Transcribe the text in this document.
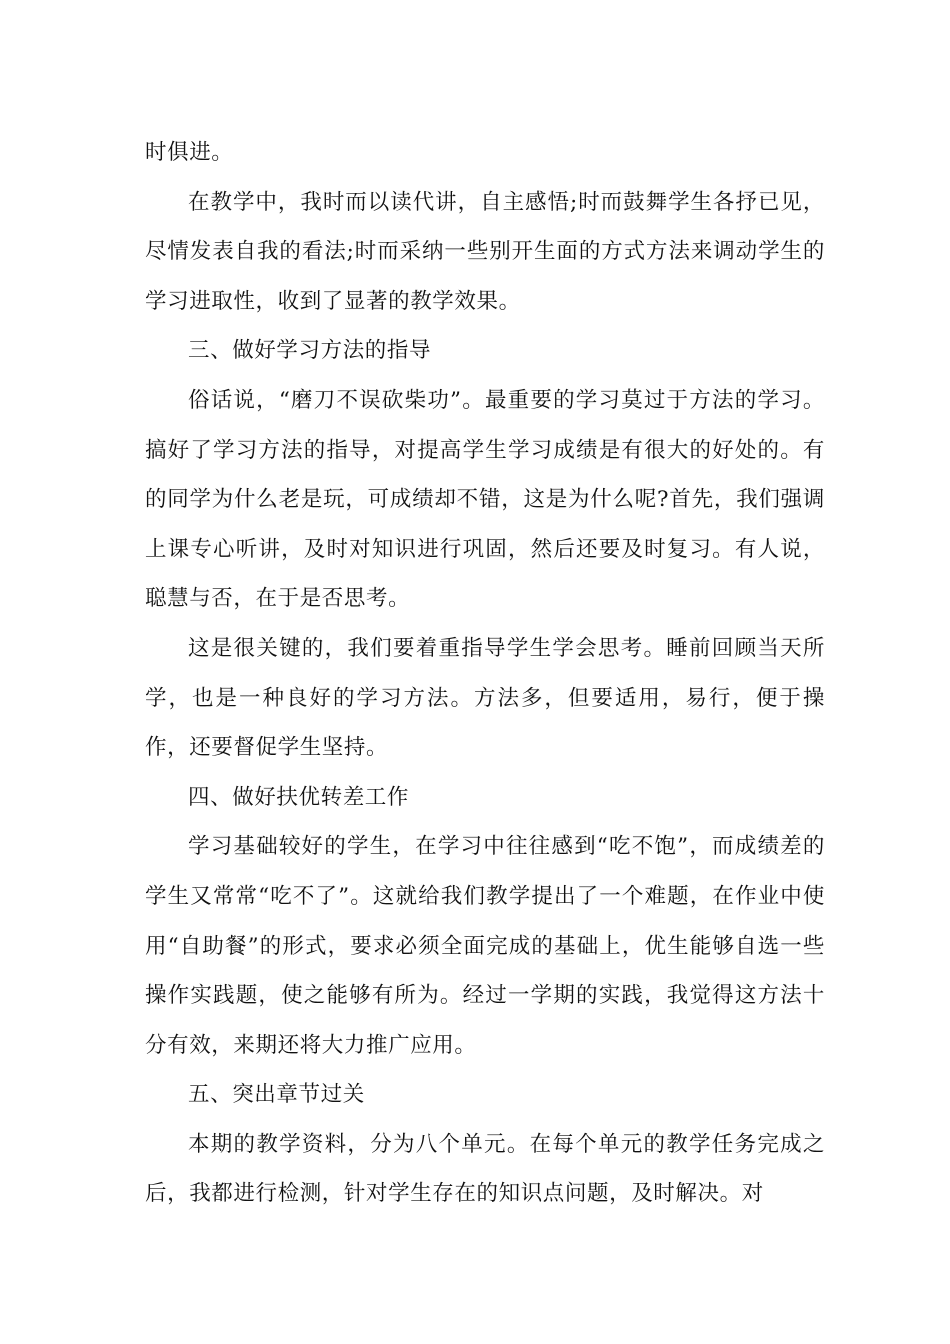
时俱进。

在教学中，我时而以读代讲，自主感悟;时而鼓舞学生各抒已见，尽情发表自我的看法;时而采纳一些别开生面的方式方法来调动学生的学习进取性，收到了显著的教学效果。

三、做好学习方法的指导

俗话说，“磨刀不误砍柴功”。最重要的学习莫过于方法的学习。搞好了学习方法的指导，对提高学生学习成绩是有很大的好处的。有的同学为什么老是玩，可成绩却不错，这是为什么呢?首先，我们强调上课专心听讲，及时对知识进行巩固，然后还要及时复习。有人说，聪慧与否，在于是否思考。

这是很关键的，我们要着重指导学生学会思考。睡前回顾当天所学，也是一种良好的学习方法。方法多，但要适用，易行，便于操作，还要督促学生坚持。

四、做好扶优转差工作

学习基础较好的学生，在学习中往往感到“吃不饱”，而成绩差的学生又常常“吃不了”。这就给我们教学提出了一个难题，在作业中使用“自助餐”的形式，要求必须全面完成的基础上，优生能够自选一些操作实践题，使之能够有所为。经过一学期的实践，我觉得这方法十分有效，来期还将大力推广应用。

五、突出章节过关

本期的教学资料，分为八个单元。在每个单元的教学任务完成之后，我都进行检测，针对学生存在的知识点问题，及时解决。对
